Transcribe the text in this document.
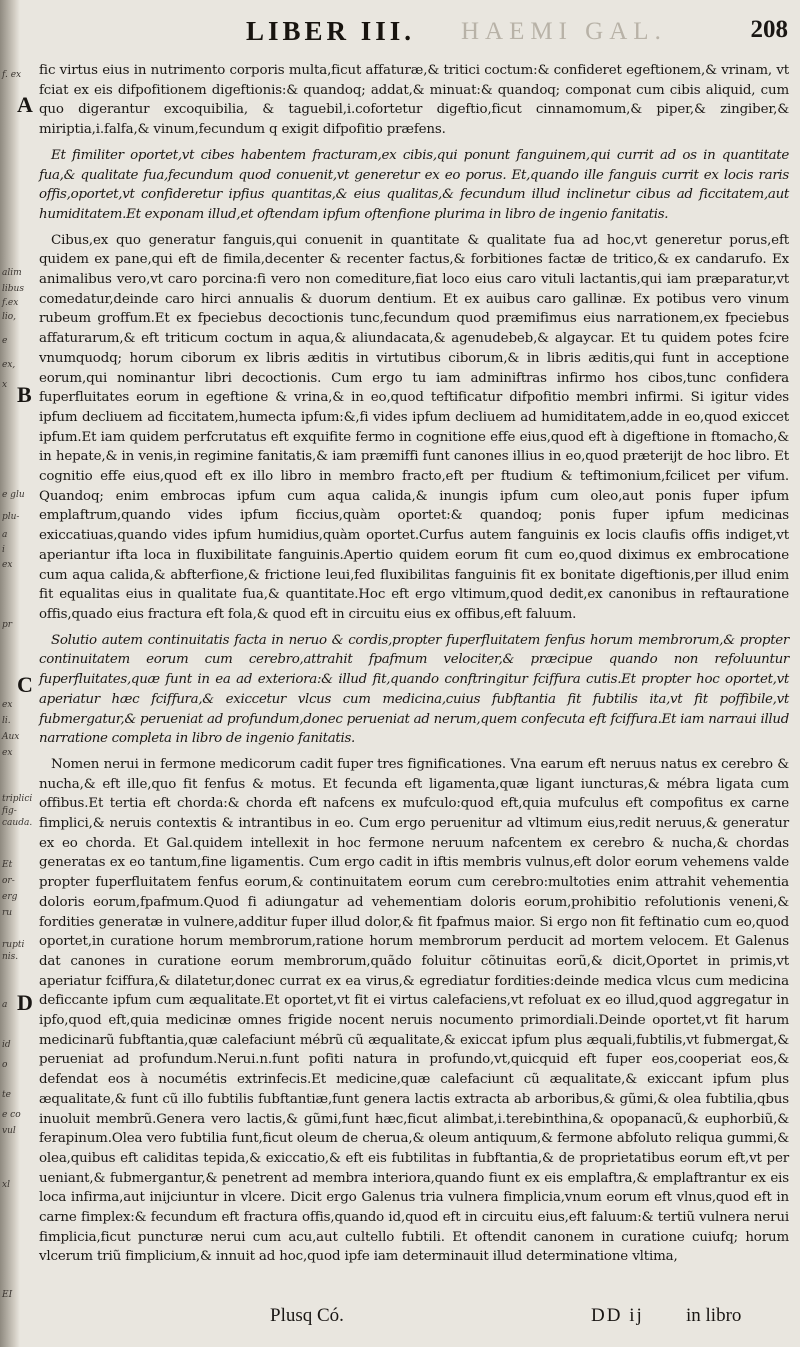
f. ex
alim
libus
f.ex
lio,
e
ex,
x
e glu
plu-
a
i
ex
pr
ex
li.
Aux
ex
triplici
fig-
cauda.
Et
or-
erg
ru
rupti
nis.
a
id
o
te
e co
vul
xl
EI
LIBER III. HAEMI GAL.	208
A
B
C
D

fic virtus eius in nutrimento corporis multa,ficut affaturæ,& tritici coctum:& confideret egeftionem,& vrinam, vt fciat ex eis difpofitionem digeftionis:& quandoq; addat,& minuat:& quandoq; componat cum cibis aliquid, cum quo digerantur excoquibilia, & taguebil,i.cofortetur digeftio,ficut cinnamomum,& piper,& zingiber,& miriptia,i.falfa,& vinum,fecundum q exigit difpofitio præfens.

Et fimiliter oportet,vt cibes habentem fracturam,ex cibis,qui ponunt fanguinem,qui currit ad os in quantitate fua,& qualitate fua,fecundum quod conuenit,vt generetur ex eo porus. Et,quando ille fanguis currit ex locis raris offis,oportet,vt confideretur ipfius quantitas,& eius qualitas,& fecundum illud inclinetur cibus ad ficcitatem,aut humiditatem.Et exponam illud,et oftendam ipfum oftenfione plurima in libro de ingenio fanitatis.

Cibus,ex quo generatur fanguis,qui conuenit in quantitate & qualitate fua ad hoc,vt generetur porus,eft quidem ex pane,qui eft de fimila,decenter & recenter factus,& forbitiones factæ de tritico,& ex candarufo. Ex animalibus vero,vt caro porcina:fi vero non comediture,fiat loco eius caro vituli lactantis,qui iam præparatur,vt comedatur,deinde caro hirci annualis & duorum dentium. Et ex auibus caro gallinæ. Ex potibus vero vinum rubeum groffum.Et ex fpeciebus decoctionis tunc,fecundum quod præmifimus eius narrationem,ex fpeciebus affaturarum,& eft triticum coctum in aqua,& aliundacata,& agenudebeb,& algaycar. Et tu quidem potes fcire vnumquodq; horum ciborum ex libris æditis in virtutibus ciborum,& in libris æditis,qui funt in acceptione eorum,qui nominantur libri decoctionis. Cum ergo tu iam adminiftras infirmo hos cibos,tunc confidera fuperfluitates eorum in egeftione & vrina,& in eo,quod teftificatur difpofitio membri infirmi. Si igitur vides ipfum decliuem ad ficcitatem,humecta ipfum:&,fi vides ipfum decliuem ad humiditatem,adde in eo,quod exiccet ipfum.Et iam quidem perfcrutatus eft exquifite fermo in cognitione effe eius,quod eft à digeftione in ftomacho,& in hepate,& in venis,in regimine fanitatis,& iam præmiffi funt canones illius in eo,quod præterijt de hoc libro. Et cognitio effe eius,quod eft ex illo libro in membro fracto,eft per ftudium & teftimonium,fcilicet per vifum. Quandoq; enim embrocas ipfum cum aqua calida,& inungis ipfum cum oleo,aut ponis fuper ipfum emplaftrum,quando vides ipfum ficcius,quàm oportet:& quandoq; ponis fuper ipfum medicinas exiccatiuas,quando vides ipfum humidius,quàm oportet.Curfus autem fanguinis ex locis claufis offis indiget,vt aperiantur ifta loca in fluxibilitate fanguinis.Apertio quidem eorum fit cum eo,quod diximus ex embrocatione cum aqua calida,& abfterfione,& frictione leui,fed fluxibilitas fanguinis fit ex bonitate digeftionis,per illud enim fit equalitas eius in qualitate fua,& quantitate.Hoc eft ergo vltimum,quod dedit,ex canonibus in reftauratione offis,quado eius fractura eft fola,& quod eft in circuitu eius ex offibus,eft faluum.

Solutio autem continuitatis facta in neruo & cordis,propter fuperfluitatem fenfus horum membrorum,& propter continuitatem eorum cum cerebro,attrahit fpafmum velociter,& præcipue quando non refoluuntur fuperfluitates,quæ funt in ea ad exteriora:& illud fit,quando conftringitur fciffura cutis.Et propter hoc oportet,vt aperiatur hæc fciffura,& exiccetur vlcus cum medicina,cuius fubftantia fit fubtilis ita,vt fit poffibile,vt fubmergatur,& perueniat ad profundum,donec perueniat ad nerum,quem confecuta eft fciffura.Et iam narraui illud narratione completa in libro de ingenio fanitatis.

Nomen nerui in fermone medicorum cadit fuper tres fignificationes. Vna earum eft neruus natus ex cerebro & nucha,& eft ille,quo fit fenfus & motus. Et fecunda eft ligamenta,quæ ligant iuncturas,& mébra ligata cum offibus.Et tertia eft chorda:& chorda eft nafcens ex mufculo:quod eft,quia mufculus eft compofitus ex carne fimplici,& neruis contextis & intrantibus in eo. Cum ergo peruenitur ad vltimum eius,redit neruus,& generatur ex eo chorda. Et Gal.quidem intellexit in hoc fermone neruum nafcentem ex cerebro & nucha,& chordas generatas ex eo tantum,fine ligamentis. Cum ergo cadit in iftis membris vulnus,eft dolor eorum vehemens valde propter fuperfluitatem fenfus eorum,& continuitatem eorum cum cerebro:multoties enim attrahit vehementia doloris eorum,fpafmum.Quod fi adiungatur ad vehementiam doloris eorum,prohibitio refolutionis veneni,& fordities generatæ in vulnere,additur fuper illud dolor,& fit fpafmus maior. Si ergo non fit feftinatio cum eo,quod oportet,in curatione horum membrorum,ratione horum membrorum perducit ad mortem velocem. Et Galenus dat canones in curatione eorum membrorum,quãdo foluitur cõtinuitas eorũ,& dicit,Oportet in primis,vt aperiatur fciffura,& dilatetur,donec currat ex ea virus,& egrediatur fordities:deinde medica vlcus cum medicina deficcante ipfum cum æqualitate.Et oportet,vt fit ei virtus calefaciens,vt refoluat ex eo illud,quod aggregatur in ipfo,quod eft,quia medicinæ omnes frigide nocent neruis nocumento primordiali.Deinde oportet,vt fit harum medicinarũ fubftantia,quæ calefaciunt mébrũ cũ æqualitate,& exiccat ipfum plus æquali,fubtilis,vt fubmergat,& perueniat ad profundum.Nerui.n.funt pofiti natura in profundo,vt,quicquid eft fuper eos,cooperiat eos,& defendat eos à nocumétis extrinfecis.Et medicine,quæ calefaciunt cũ æqualitate,& exiccant ipfum plus æqualitate,& funt cũ illo fubtilis fubftantiæ,funt genera lactis extracta ab arboribus,& gũmi,& olea fubtilia,qbus inuoluit membrũ.Genera vero lactis,& gũmi,funt hæc,ficut alimbat,i.terebinthina,& opopanacũ,& euphorbiũ,& ferapinum.Olea vero fubtilia funt,ficut oleum de cherua,& oleum antiquum,& fermone abfoluto reliqua gummi,& olea,quibus eft caliditas tepida,& exiccatio,& eft eis fubtilitas in fubftantia,& de proprietatibus eorum eft,vt per ueniant,& fubmergantur,& penetrent ad membra interiora,quando fiunt ex eis emplaftra,& emplaftrantur ex eis loca infirma,aut inijciuntur in vlcere. Dicit ergo Galenus tria vulnera fimplicia,vnum eorum eft vlnus,quod eft in carne fimplex:& fecundum eft fractura offis,quando id,quod eft in circuitu eius,eft faluum:& tertiũ vulnera nerui fimplicia,ficut puncturæ nerui cum acu,aut cultello fubtili. Et oftendit canonem in curatione cuiufq; horum vlcerum triũ fimplicium,& innuit ad hoc,quod ipfe iam determinauit illud determinatione vltima,

Plusq Có.	DD ij in libro
